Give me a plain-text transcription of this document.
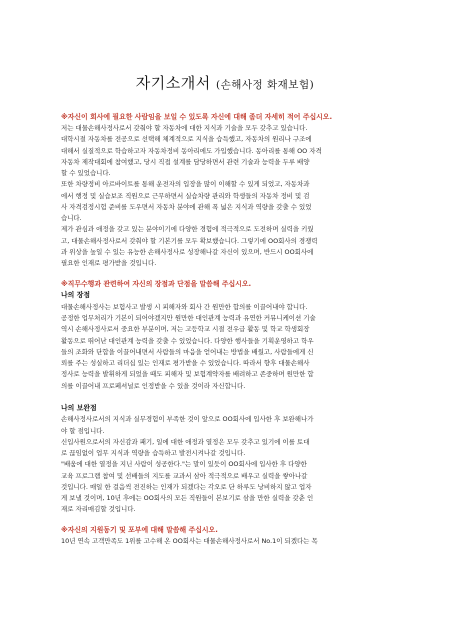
자기소개서 (손해사정 화재보험)
※자신이 회사에 필요한 사람임을 보일 수 있도록 자신에 대해 좀더 자세히 적어 주십시오.
저는 대물손해사정사로서 갖춰야 할 자동차에 대한 지식과 기술을 모두 갖추고 있습니다.
대학시절 자동차를 전공으로 선택해 체계적으로 지식을 습득했고, 자동차의 원리나 구조에
대해서 실질적으로 학습하고자 자동차정비 동아리에도 가입했습니다. 동아리를 통해 OO 자격
자동차 제작대회에 참여했고, 당시 직접 설계를 담당하면서 관련 기술과 능력을 두루 배양
할 수 있었습니다.
또한 차량정비 아르바이트를 통해 운전자의 입장을 많이 이해할 수 있게 되었고, 자동차과
에서 행정 및 실습보조 직원으로 근무하면서 실습차량 관리와 학생들의 자동차 정비 및 검
사 자격검정시험 준비를 도우면서 자동차 분야에 관해 폭 넓은 지식과 역량을 갖출 수 있었
습니다.
제가 관심과 애정을 갖고 있는 분야이기에 다양한 경험에 적극적으로 도전하며 실력을 키웠
고, 대물손해사정사로서 갖춰야 할 기본기를 모두 확보했습니다. 그렇기에 OO회사의 경쟁력
과 위상을 높일 수 있는 유능한 손해사정사로 성장해나갈 자신이 있으며, 반드시 OO회사에
필요한 인재로 평가받을 것입니다.
※직무수행과 관련하여 자신의 장점과 단점을 말씀해 주십시오.
나의 장점
대물손해사정사는 보험사고 발생 시 피해자와 회사 간 원만한 합의를 이끌어내야 합니다.
공정한 업무처리가 기본이 되어야겠지만 원만한 대인관계 능력과 유연한 커뮤니케이션 기술
역시 손해사정사로서 중요한 부분이며, 저는 고등학교 시절 전우급 활동 및 학교 학생회장
활동으로 뛰어난 대인관계 능력을 갖출 수 있었습니다. 다양한 행사들을 기획운영하고 학우
들의 조화와 단합을 이끌어내면서 사람들의 마음을 얻어내는 방법을 배웠고, 사람들에게 신
뢰를 주는 성실하고 리더십 있는 인재로 평가받을 수 있었습니다. 따라서 향후 대물손해사
정사로 능력을 발휘하게 되었을 때도 피해자 및 보험계약자를 배려하고 존중하며 원만한 합
의를 이끌어내 프로페셔널로 인정받을 수 있을 것이라 자신합니다.
나의 보완점
손해사정사로서의 지식과 실무경험이 부족한 것이 앞으로 OO회사에 입사한 후 보완해나가
야 할 점입니다.
신입사원으로서의 자신감과 패기, 일에 대한 애정과 열정은 모두 갖추고 있기에 이를 토대
로 끊임없이 업무 지식과 역량을 습득하고 발전시켜나갈 것입니다.
"배움에 대한 열정을 지닌 사람이 성공한다."는 말이 있듯이 OO회사에 입사한 후 다양한
교육 프로그램 참여 및 선배들의 지도를 교과서 삼아 적극적으로 배우고 실력을 쌓아나갈
것입니다. 매일 한 걸음씩 전진하는 인재가 되겠다는 각오로 단 하루도 낭비하지 않고 업자
게 보낼 것이며, 10년 후에는 OO회사의 모든 직원들이 본보기로 삼을 만한 실력을 갖춘 인
재로 자리매김할 것입니다.
※자신의 지원동기 및 포부에 대해 말씀해 주십시오.
10년 연속 고객만족도 1위를 고수해 온 OO회사는 대물손해사정사로서 No.1이 되겠다는 목
